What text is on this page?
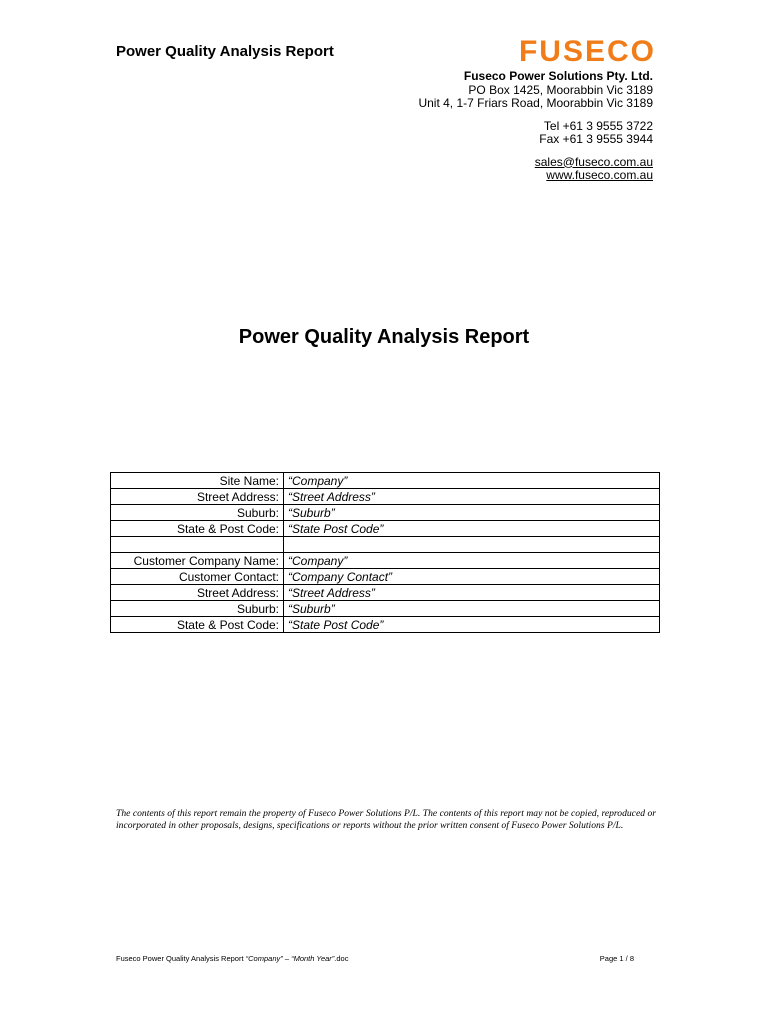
Power Quality Analysis Report	FUSECO
Fuseco Power Solutions Pty. Ltd.
PO Box 1425, Moorabbin Vic 3189
Unit 4, 1-7 Friars Road, Moorabbin Vic 3189
Tel +61 3 9555 3722
Fax +61 3 9555 3944
sales@fuseco.com.au
www.fuseco.com.au
Power Quality Analysis Report
Site Name:	“Company”
Street Address:	“Street Address”
Suburb:	“Suburb”
State & Post Code:	“State Post Code”

Customer Company Name:	“Company”
Customer Contact:	“Company Contact”
Street Address:	“Street Address”
Suburb:	“Suburb”
State & Post Code:	“State Post Code”
The contents of this report remain the property of Fuseco Power Solutions P/L. The contents of this report may not be copied, reproduced or incorporated in other proposals, designs, specifications or reports without the prior written consent of Fuseco Power Solutions P/L.
Fuseco Power Quality Analysis Report “Company” – “Month Year”.doc	Page 1 / 8
